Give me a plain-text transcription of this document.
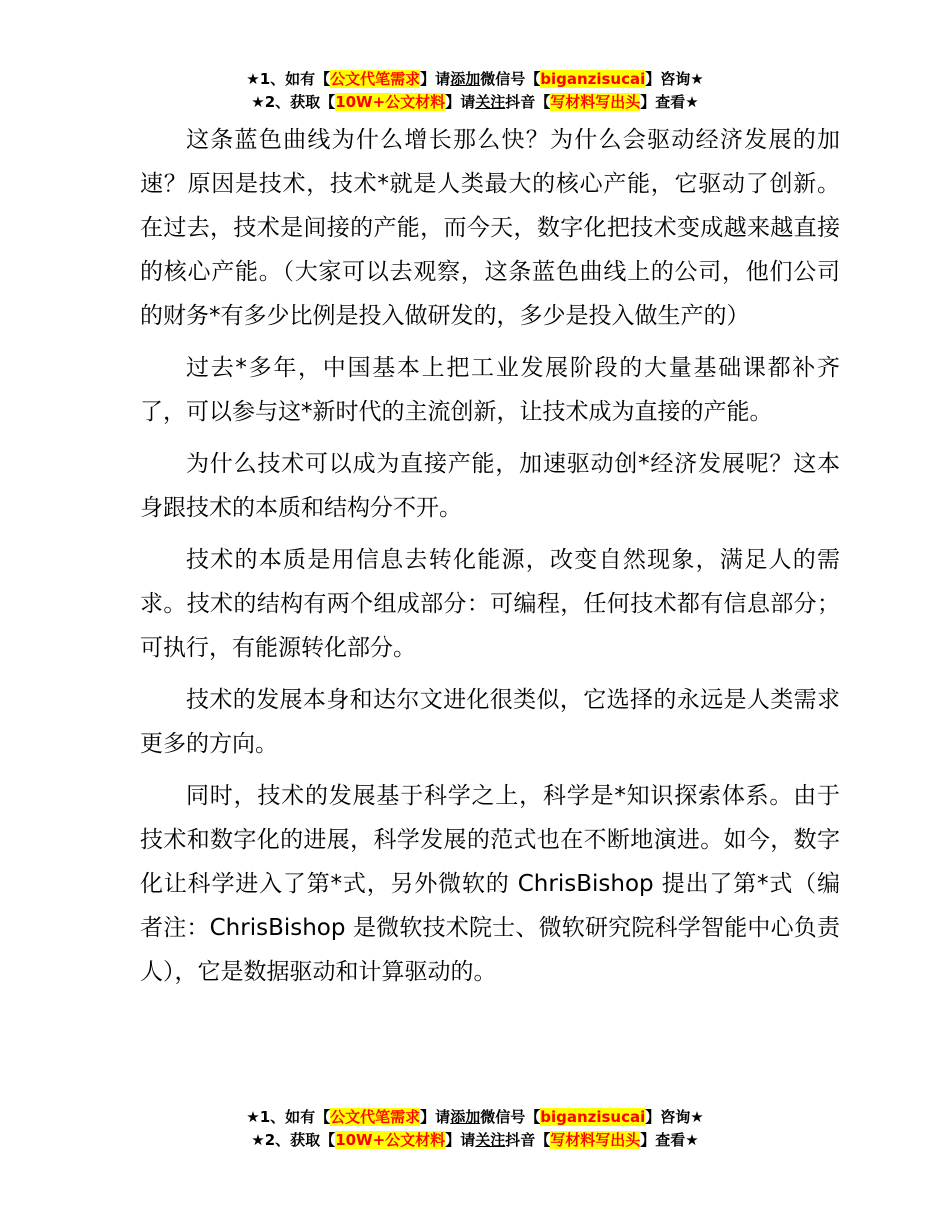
★1、如有【公文代笔需求】请添加微信号【biganzisucai】咨询★
★2、获取【10W+公文材料】请关注抖音【写材料写出头】查看★

这条蓝色曲线为什么增长那么快？为什么会驱动经济发展的加速？原因是技术，技术*就是人类最大的核心产能，它驱动了创新。在过去，技术是间接的产能，而今天，数字化把技术变成越来越直接的核心产能。（大家可以去观察，这条蓝色曲线上的公司，他们公司的财务*有多少比例是投入做研发的，多少是投入做生产的）

过去*多年，中国基本上把工业发展阶段的大量基础课都补齐了，可以参与这*新时代的主流创新，让技术成为直接的产能。

为什么技术可以成为直接产能，加速驱动创*经济发展呢？这本身跟技术的本质和结构分不开。

技术的本质是用信息去转化能源，改变自然现象，满足人的需求。技术的结构有两个组成部分：可编程，任何技术都有信息部分；可执行，有能源转化部分。

技术的发展本身和达尔文进化很类似，它选择的永远是人类需求更多的方向。

同时，技术的发展基于科学之上，科学是*知识探索体系。由于技术和数字化的进展，科学发展的范式也在不断地演进。如今，数字化让科学进入了第*式，另外微软的 ChrisBishop 提出了第*式（编者注：ChrisBishop 是微软技术院士、微软研究院科学智能中心负责人），它是数据驱动和计算驱动的。

★1、如有【公文代笔需求】请添加微信号【biganzisucai】咨询★
★2、获取【10W+公文材料】请关注抖音【写材料写出头】查看★
